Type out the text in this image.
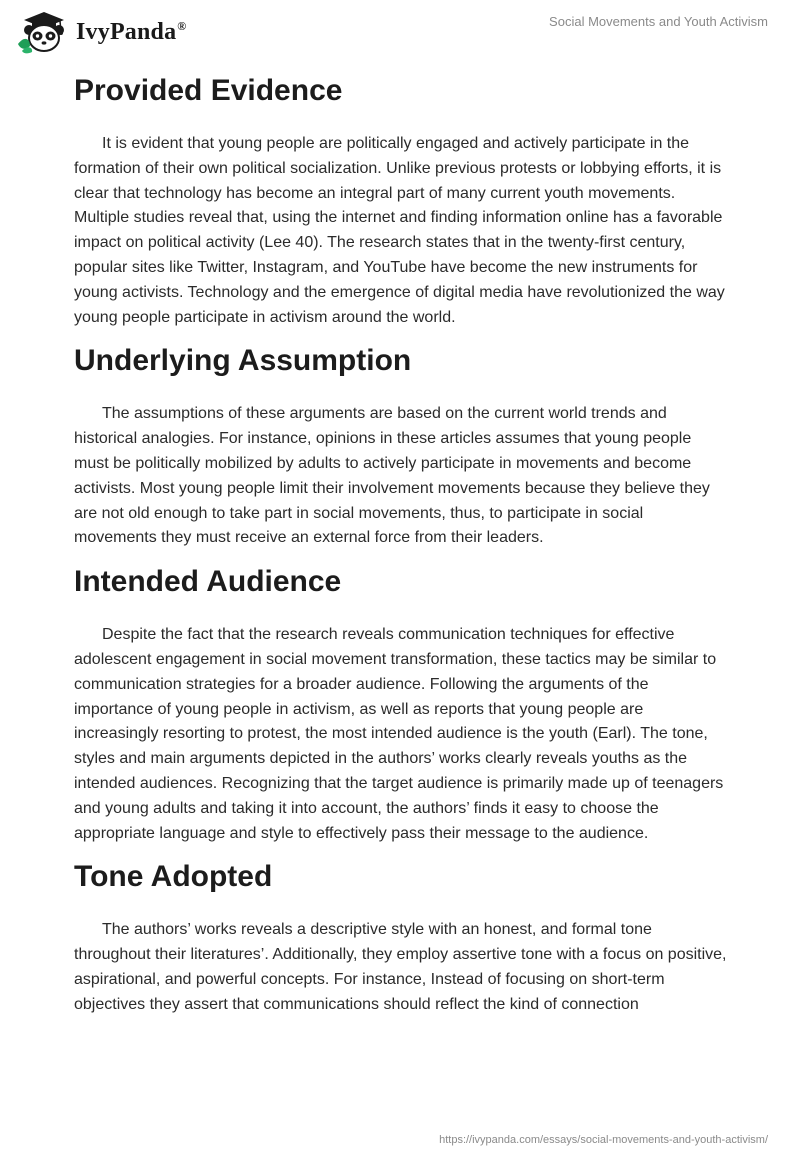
IvyPanda®	Social Movements and Youth Activism
Provided Evidence

It is evident that young people are politically engaged and actively participate in the formation of their own political socialization. Unlike previous protests or lobbying efforts, it is clear that technology has become an integral part of many current youth movements. Multiple studies reveal that, using the internet and finding information online has a favorable impact on political activity (Lee 40). The research states that in the twenty-first century, popular sites like Twitter, Instagram, and YouTube have become the new instruments for young activists. Technology and the emergence of digital media have revolutionized the way young people participate in activism around the world.

Underlying Assumption

The assumptions of these arguments are based on the current world trends and historical analogies. For instance, opinions in these articles assumes that young people must be politically mobilized by adults to actively participate in movements and become activists. Most young people limit their involvement movements because they believe they are not old enough to take part in social movements, thus, to participate in social movements they must receive an external force from their leaders.

Intended Audience

Despite the fact that the research reveals communication techniques for effective adolescent engagement in social movement transformation, these tactics may be similar to communication strategies for a broader audience. Following the arguments of the importance of young people in activism, as well as reports that young people are increasingly resorting to protest, the most intended audience is the youth (Earl). The tone, styles and main arguments depicted in the authors’ works clearly reveals youths as the intended audiences. Recognizing that the target audience is primarily made up of teenagers and young adults and taking it into account, the authors’ finds it easy to choose the appropriate language and style to effectively pass their message to the audience.

Tone Adopted

The authors’ works reveals a descriptive style with an honest, and formal tone throughout their literatures’. Additionally, they employ assertive tone with a focus on positive, aspirational, and powerful concepts. For instance, Instead of focusing on short-term objectives they assert that communications should reflect the kind of connection

https://ivypanda.com/essays/social-movements-and-youth-activism/
